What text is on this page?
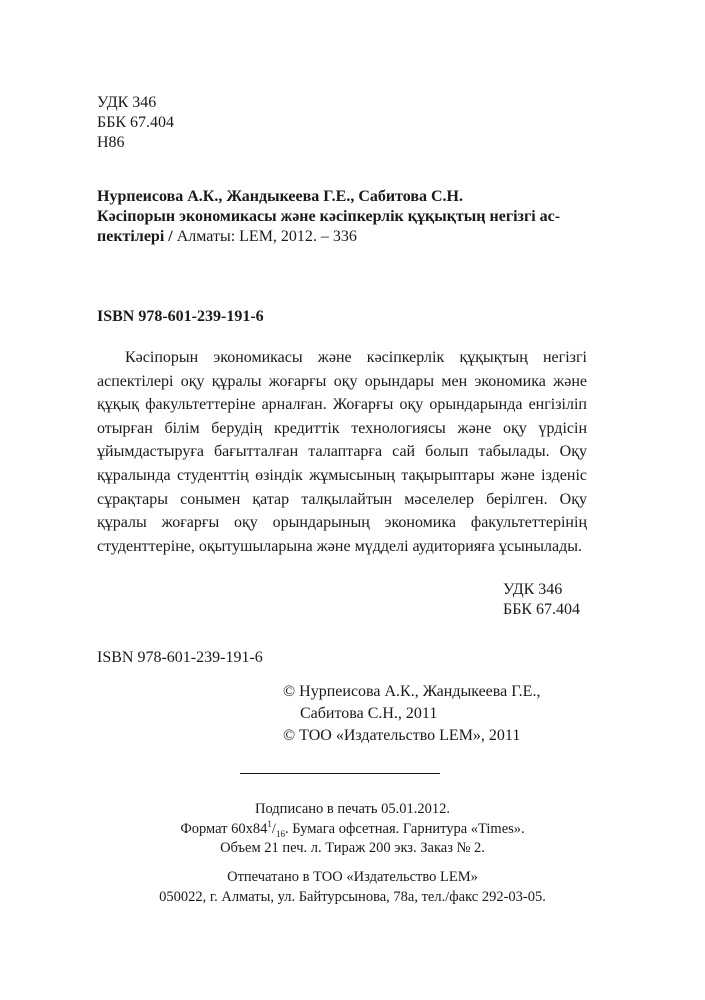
УДК 346
ББК 67.404
Н86
Нурпеисова А.К., Жандыкеева Г.Е., Сабитова С.Н.
Кәсіпорын экономикасы және кәсіпкерлік құқықтың негізгі ас-
пектілері / Алматы: LEM, 2012. – 336
ISBN 978-601-239-191-6

Кәсіпорын экономикасы және кәсіпкерлік құқықтың негізгі аспектілері оқу құралы жоғарғы оқу орындары мен экономика және құқық факультеттеріне арналған. Жоғарғы оқу орындарында енгізіліп отырған білім берудің кредиттік технологиясы және оқу үрдісін ұйымдастыруға бағытталған талаптарға сай болып табылады. Оқу құралында студенттің өзіндік жұмысының тақырыптары және ізденіс сұрақтары сонымен қатар талқылайтын мәселелер берілген. Оқу құралы жоғарғы оқу орындарының экономика факультеттерінің студенттеріне, оқытушыларына және мүдделі аудиторияға ұсынылады.

УДК 346
ББК 67.404
ISBN 978-601-239-191-6
© Нурпеисова А.К., Жандыкеева Г.Е.,
Сабитова С.Н., 2011
© ТОО «Издательство LEM», 2011
Подписано в печать 05.01.2012.
Формат $60х84^1/_{16}$. Бумага офсетная. Гарнитура «Times».
Объем 21 печ. л. Тираж 200 экз. Заказ № 2.
Отпечатано в ТОО «Издательство LEM»
050022, г. Алматы, ул. Байтурсынова, 78а, тел./факс 292-03-05.
